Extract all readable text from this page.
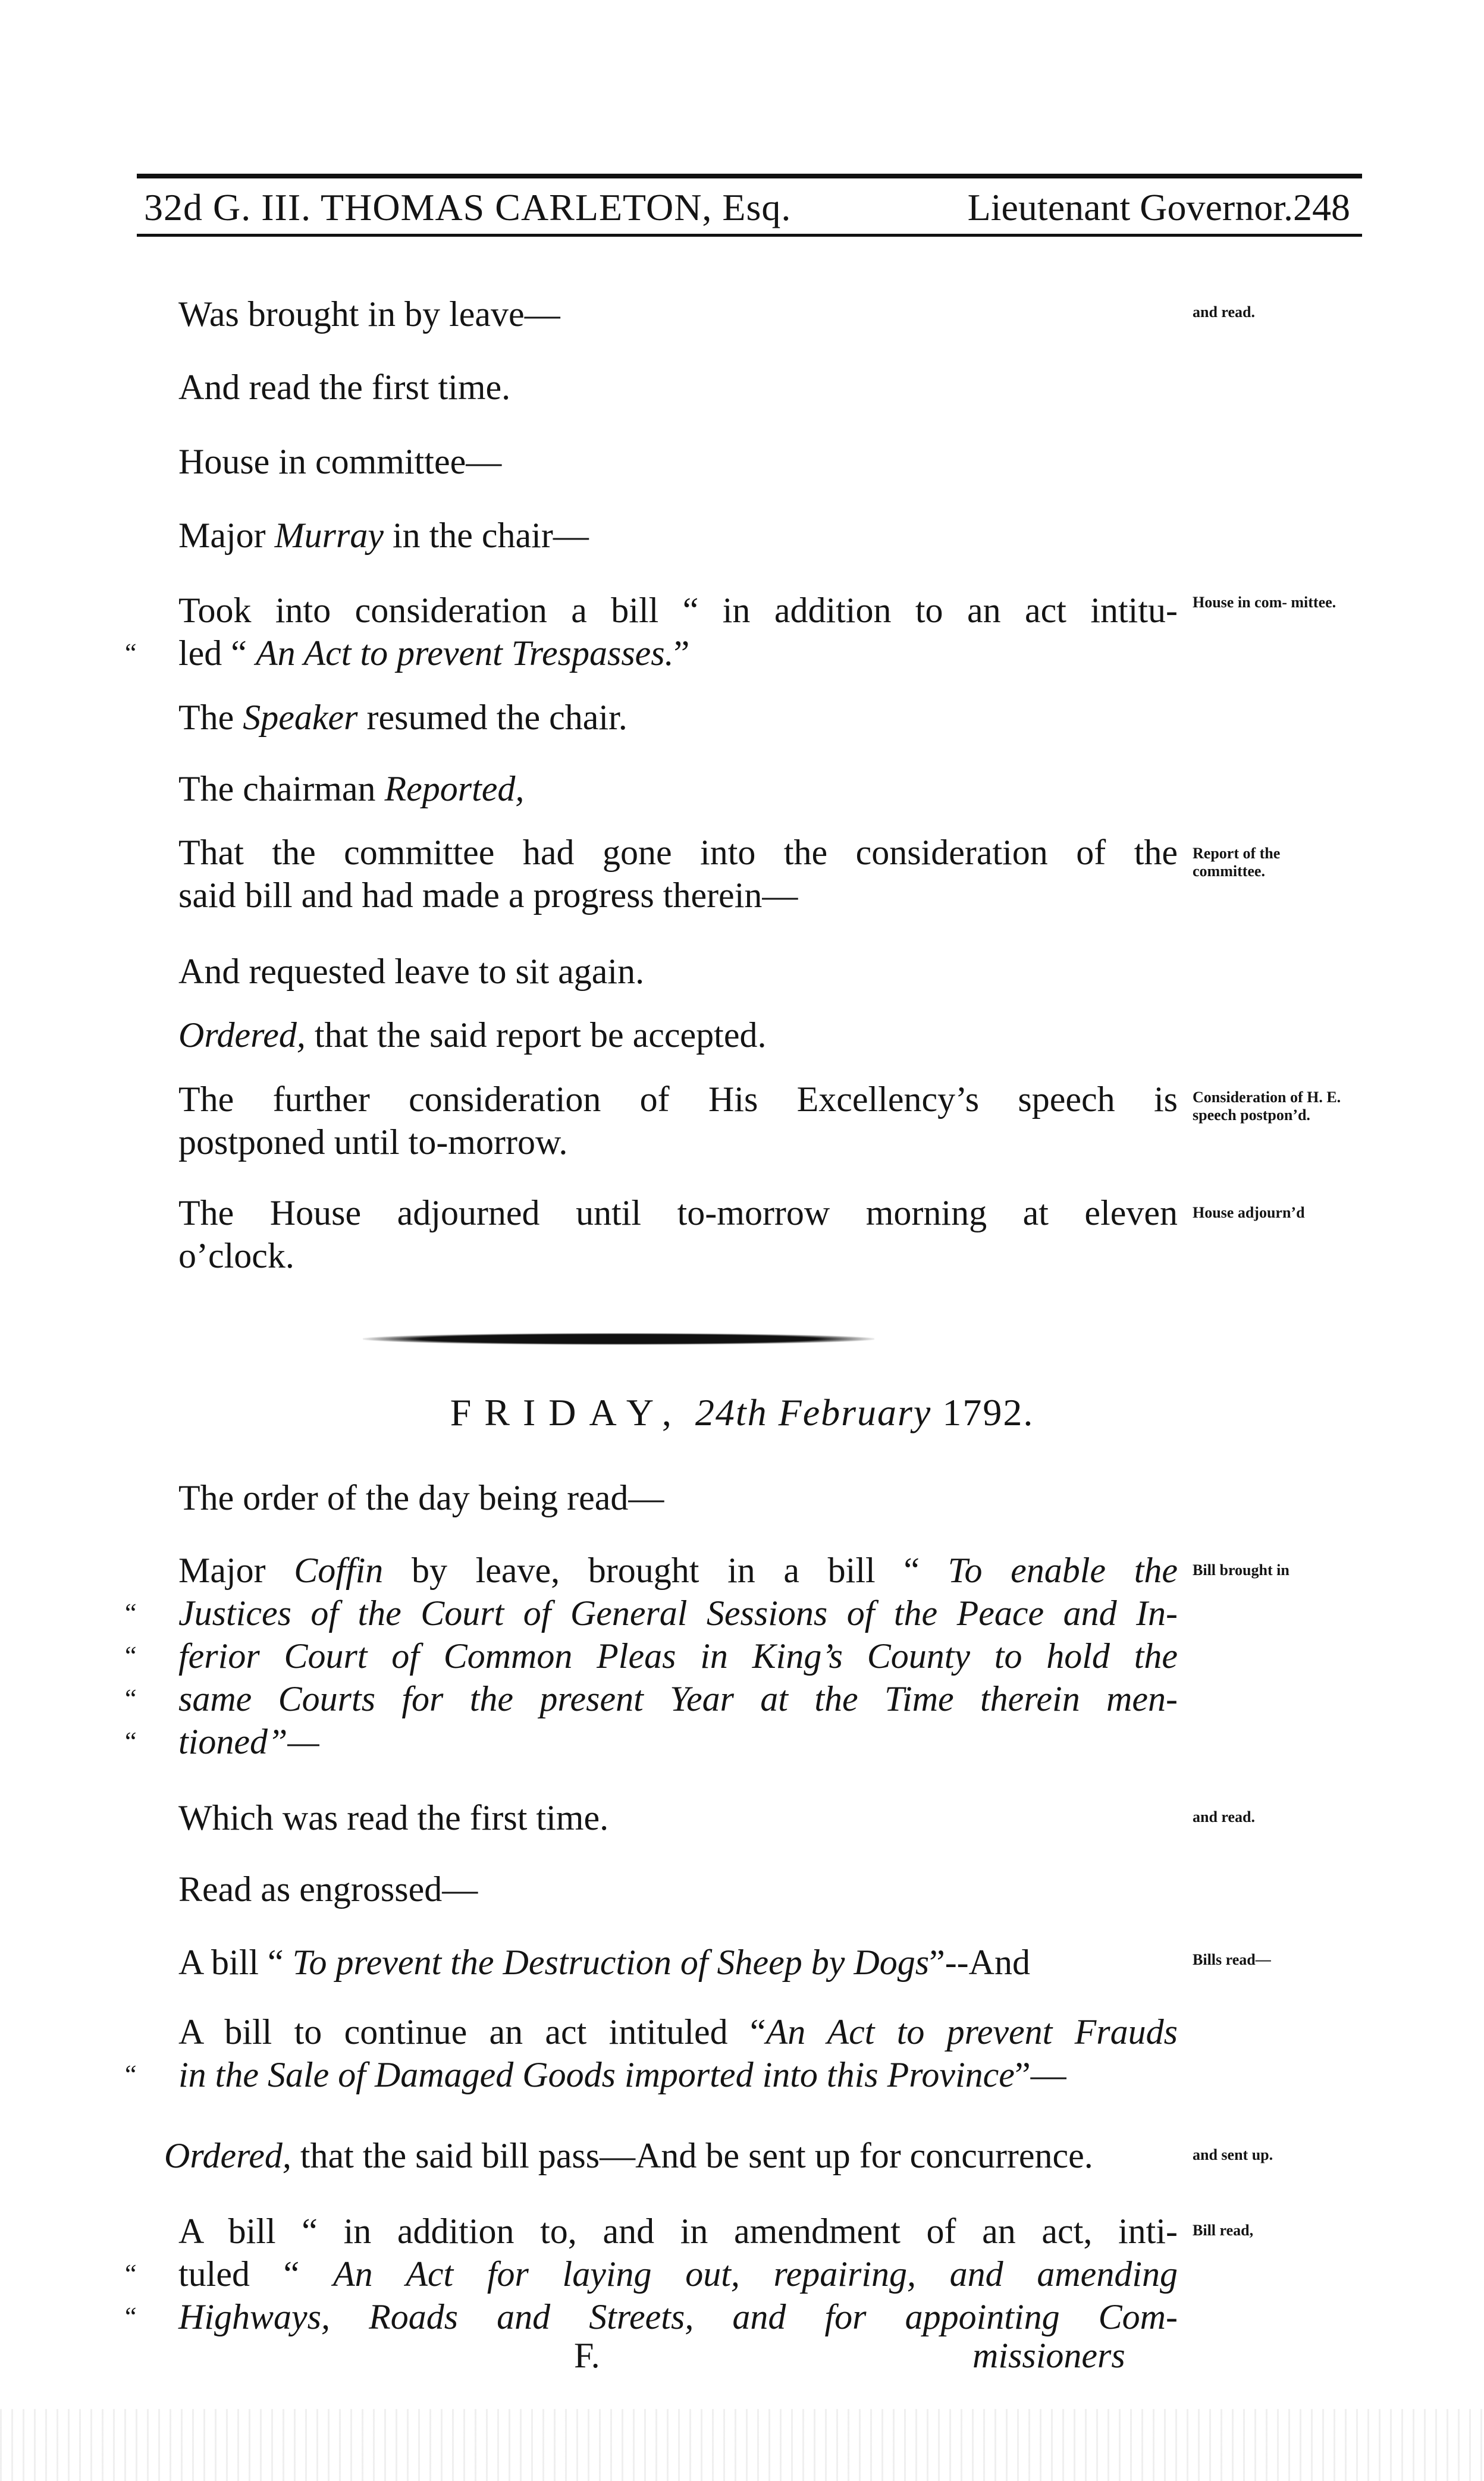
32d G. III. THOMAS CARLETON, Esq.	Lieutenant Governor.248
Was brought in by leave—
And read the first time.
House in committee—
Major Murray in the chair—
Took into consideration a bill “ in addition to an act intitu-
“ led “ An Act to prevent Trespasses.”
The Speaker resumed the chair.
The chairman Reported,
That the committee had gone into the consideration of the
said bill and had made a progress therein—
And requested leave to sit again.
Ordered, that the said report be accepted.
The further consideration of His Excellency’s speech is
postponed until to-morrow.
The House adjourned until to-morrow morning at eleven
o’clock.
FRIDAY, 24th February 1792.
The order of the day being read—
Major Coffin by leave, brought in a bill “ To enable the
“ Justices of the Court of General Sessions of the Peace and In-
“ ferior Court of Common Pleas in King’s County to hold the
“ same Courts for the present Year at the Time therein men-
“ tioned”—
Which was read the first time.
Read as engrossed—
A bill “ To prevent the Destruction of Sheep by Dogs”--And
A bill to continue an act intituled “An Act to prevent Frauds
“ in the Sale of Damaged Goods imported into this Province”—
Ordered, that the said bill pass—And be sent up for concurrence.
A bill “ in addition to, and in amendment of an act, inti-
“ tuled “ An Act for laying out, repairing, and amending
“ Highways, Roads and Streets, and for appointing Com-
F.	missioners
and read.
House in com- mittee.
Report of the committee.
Consideration of H. E. speech postpon’d.
House adjourn’d
Bill brought in
and read.
Bills read—
and sent up.
Bill read,
